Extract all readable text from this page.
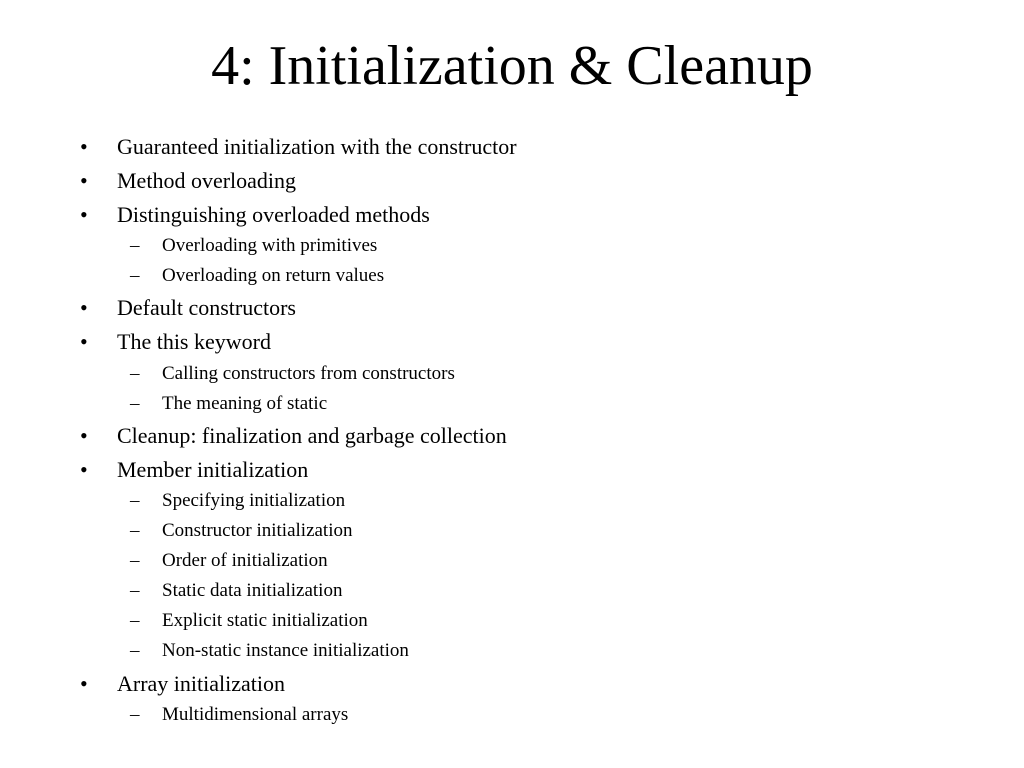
4: Initialization & Cleanup
• Guaranteed initialization with the constructor
• Method overloading
• Distinguishing overloaded methods
– Overloading with primitives
– Overloading on return values
• Default constructors
• The this keyword
– Calling constructors from constructors
– The meaning of static
• Cleanup: finalization and garbage collection
• Member initialization
– Specifying initialization
– Constructor initialization
– Order of initialization
– Static data initialization
– Explicit static initialization
– Non-static instance initialization
• Array initialization
– Multidimensional arrays
